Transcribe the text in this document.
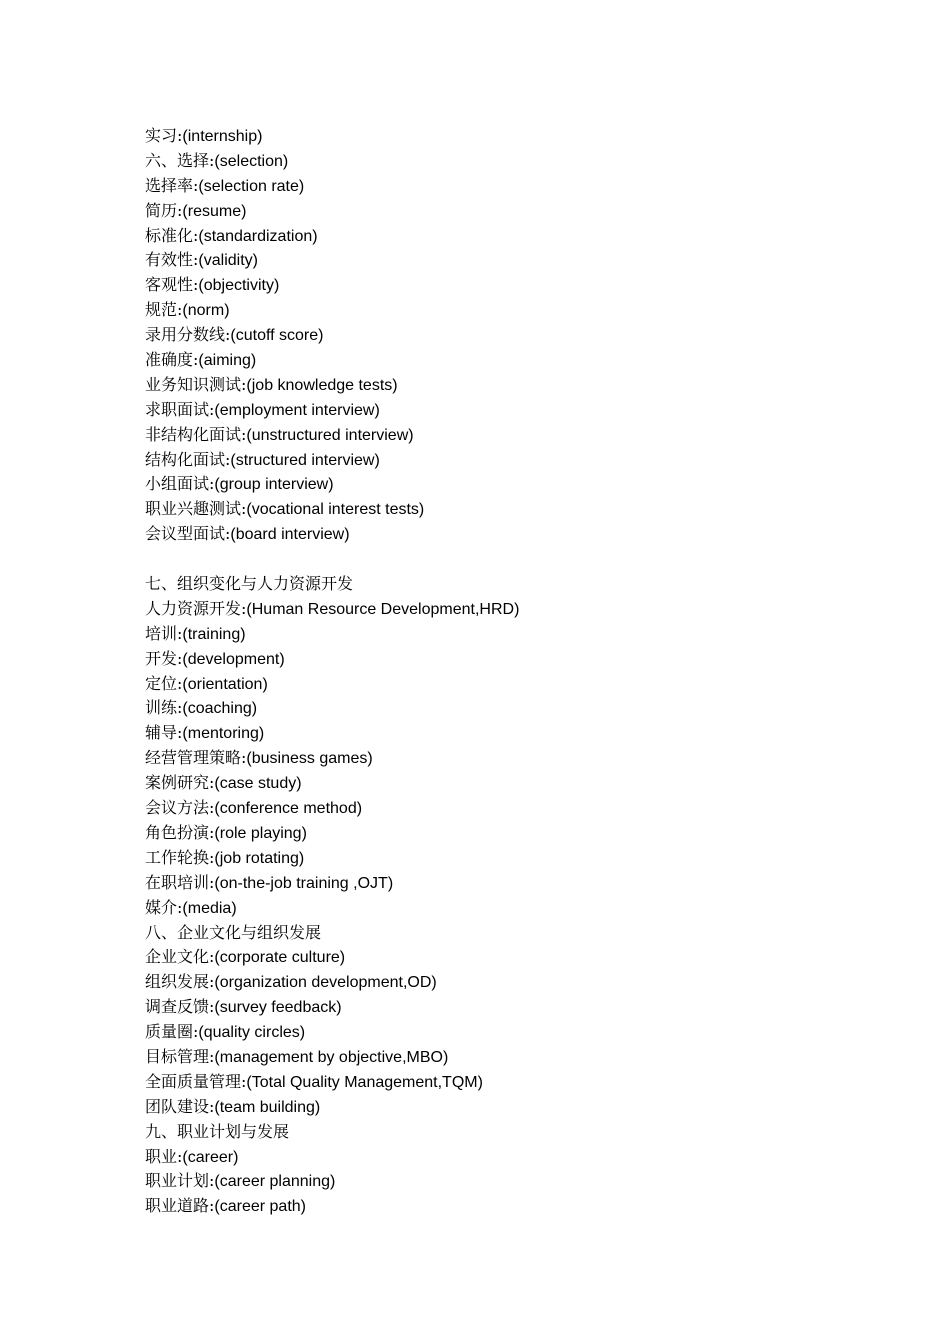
实习:(internship)
六、选择:(selection)
选择率:(selection rate)
简历:(resume)
标准化:(standardization)
有效性:(validity)
客观性:(objectivity)
规范:(norm)
录用分数线:(cutoff score)
准确度:(aiming)
业务知识测试:(job knowledge tests)
求职面试:(employment interview)
非结构化面试:(unstructured interview)
结构化面试:(structured interview)
小组面试:(group interview)
职业兴趣测试:(vocational interest tests)
会议型面试:(board interview)
七、组织变化与人力资源开发
人力资源开发:(Human Resource Development,HRD)
培训:(training)
开发:(development)
定位:(orientation)
训练:(coaching)
辅导:(mentoring)
经营管理策略:(business games)
案例研究:(case study)
会议方法:(conference method)
角色扮演:(role playing)
工作轮换:(job rotating)
在职培训:(on-the-job training ,OJT)
媒介:(media)
八、企业文化与组织发展
企业文化:(corporate culture)
组织发展:(organization development,OD)
调查反馈:(survey feedback)
质量圈:(quality circles)
目标管理:(management by objective,MBO)
全面质量管理:(Total Quality Management,TQM)
团队建设:(team building)
九、职业计划与发展
职业:(career)
职业计划:(career planning)
职业道路:(career path)
